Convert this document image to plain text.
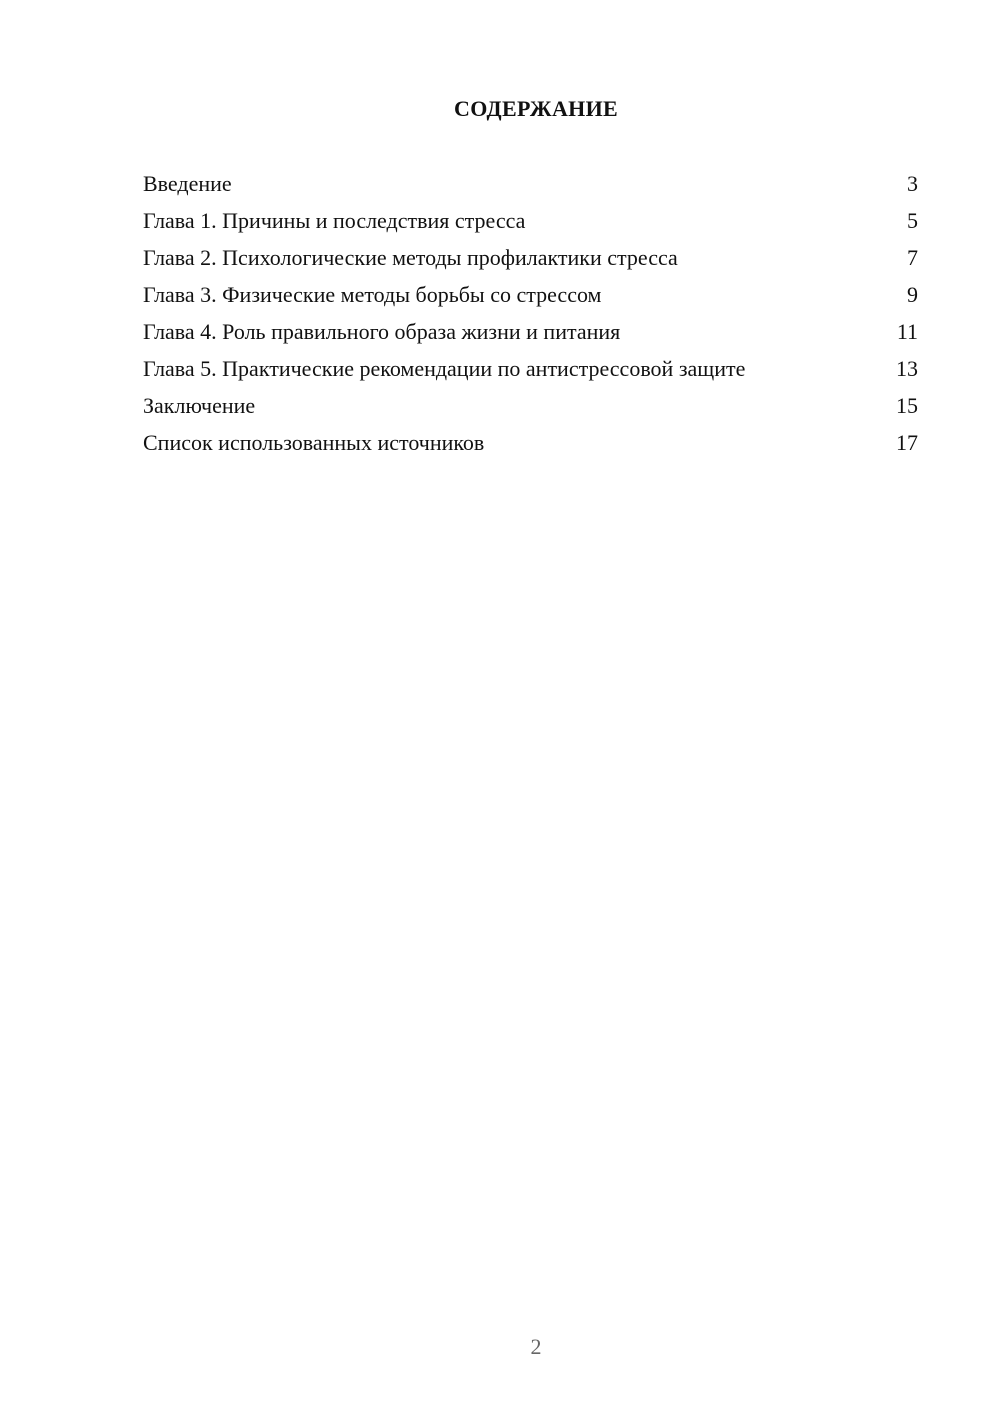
СОДЕРЖАНИЕ
Введение	3
Глава 1. Причины и последствия стресса	5
Глава 2. Психологические методы профилактики стресса	7
Глава 3. Физические методы борьбы со стрессом	9
Глава 4. Роль правильного образа жизни и питания	11
Глава 5. Практические рекомендации по антистрессовой защите	13
Заключение	15
Список использованных источников	17
2
